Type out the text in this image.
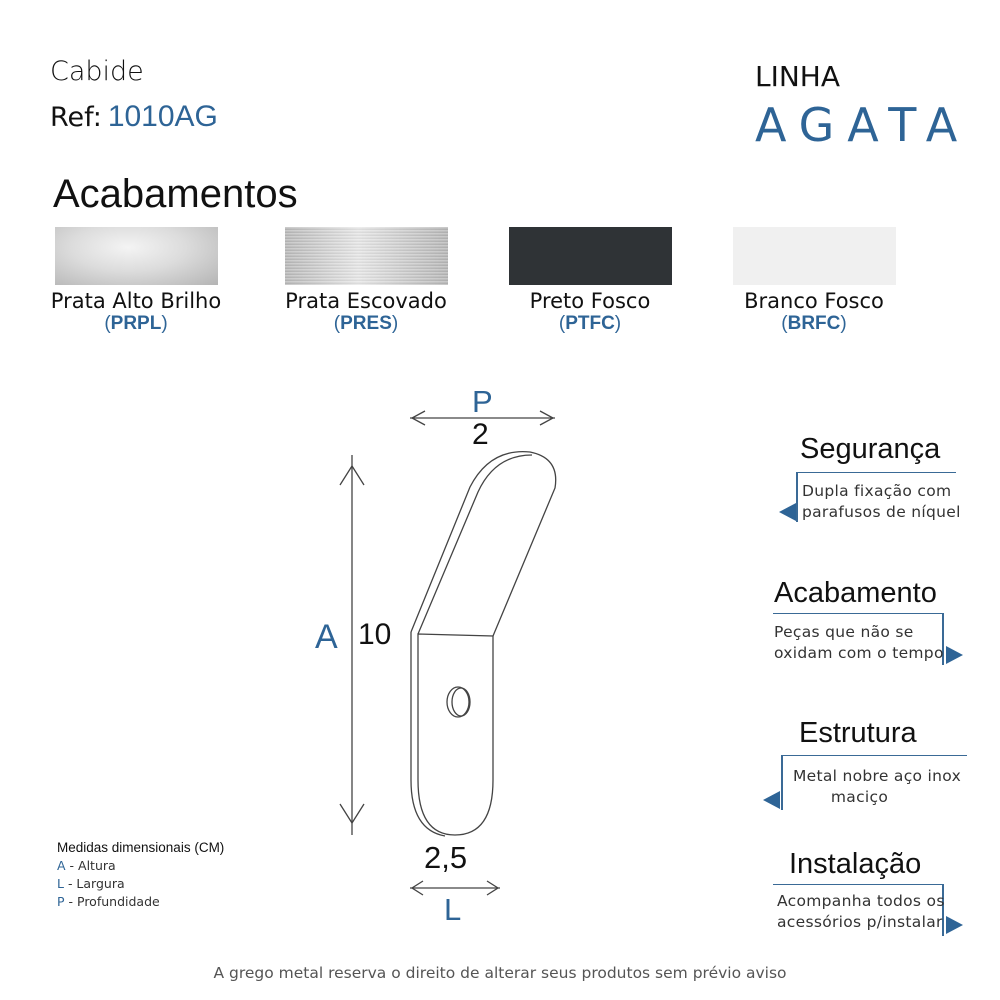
Cabide
Ref: 1010AG
LINHA
AGATA
Acabamentos
Prata Alto Brilho
(PRPL)
Prata Escovado
(PRES)
Preto Fosco
(PTFC)
Branco Fosco
(BRFC)
P
2
A 10
2,5
L
Segurança
Dupla fixação com
parafusos de níquel
Acabamento
Peças que não se
oxidam com o tempo
Estrutura
Metal nobre aço inox
maciço
Instalação
Acompanha todos os
acessórios p/instalar
Medidas dimensionais (CM)
A - Altura
L - Largura
P - Profundidade
A grego metal reserva o direito de alterar seus produtos sem prévio aviso
